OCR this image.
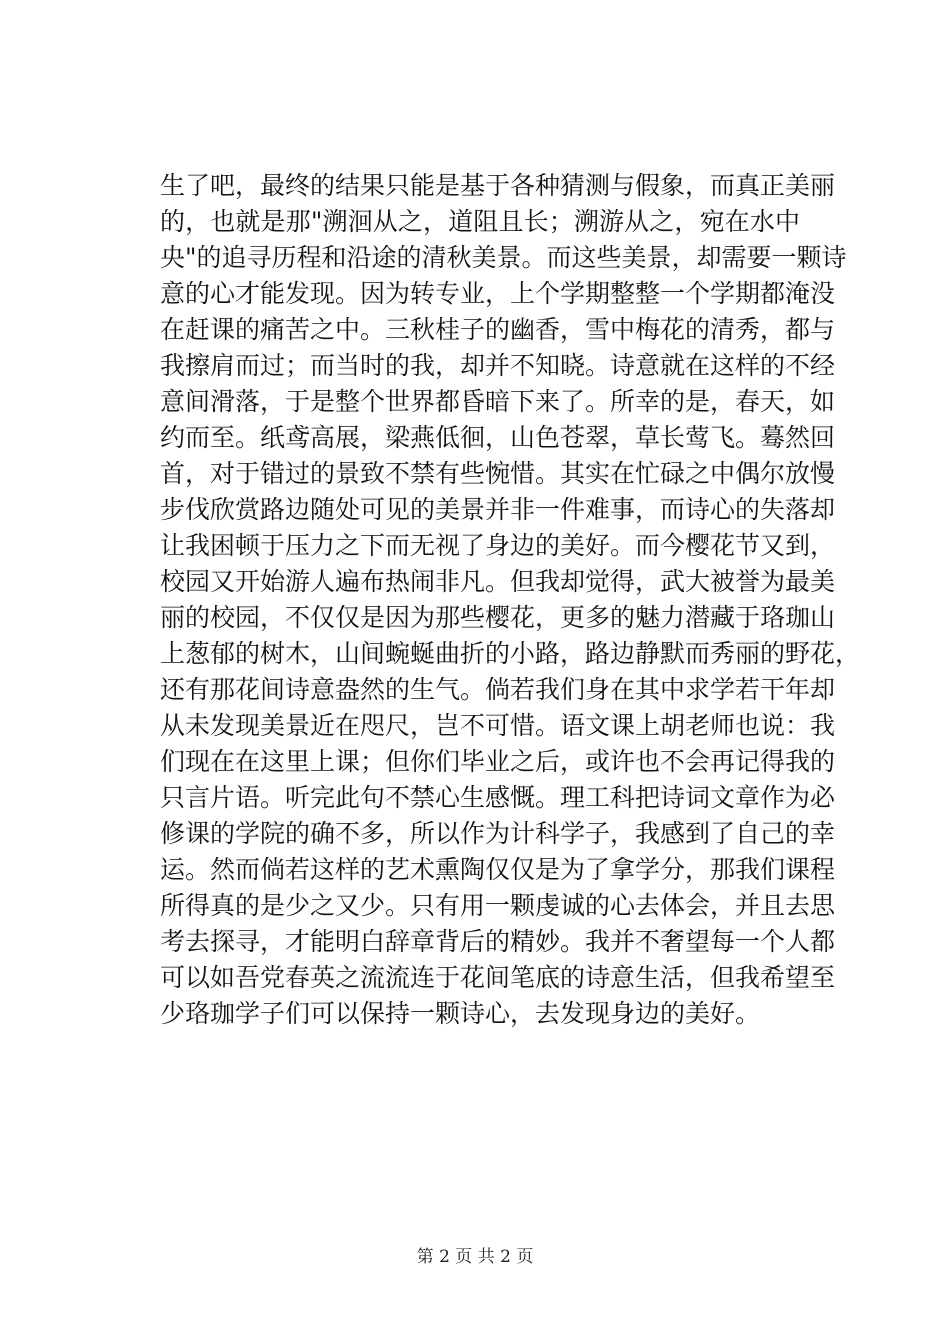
生了吧，最终的结果只能是基于各种猜测与假象，而真正美丽
的，也就是那"溯洄从之，道阻且长；溯游从之，宛在水中
央"的追寻历程和沿途的清秋美景。而这些美景，却需要一颗诗
意的心才能发现。因为转专业，上个学期整整一个学期都淹没
在赶课的痛苦之中。三秋桂子的幽香，雪中梅花的清秀，都与
我擦肩而过；而当时的我，却并不知晓。诗意就在这样的不经
意间滑落，于是整个世界都昏暗下来了。所幸的是，春天，如
约而至。纸鸢高展，梁燕低徊，山色苍翠，草长莺飞。蓦然回
首，对于错过的景致不禁有些惋惜。其实在忙碌之中偶尔放慢
步伐欣赏路边随处可见的美景并非一件难事，而诗心的失落却
让我困顿于压力之下而无视了身边的美好。而今樱花节又到，
校园又开始游人遍布热闹非凡。但我却觉得，武大被誉为最美
丽的校园，不仅仅是因为那些樱花，更多的魅力潜藏于珞珈山
上葱郁的树木，山间蜿蜒曲折的小路，路边静默而秀丽的野花，
还有那花间诗意盎然的生气。倘若我们身在其中求学若干年却
从未发现美景近在咫尺，岂不可惜。语文课上胡老师也说：我
们现在在这里上课；但你们毕业之后，或许也不会再记得我的
只言片语。听完此句不禁心生感慨。理工科把诗词文章作为必
修课的学院的确不多，所以作为计科学子，我感到了自己的幸
运。然而倘若这样的艺术熏陶仅仅是为了拿学分，那我们课程
所得真的是少之又少。只有用一颗虔诚的心去体会，并且去思
考去探寻，才能明白辞章背后的精妙。我并不奢望每一个人都
可以如吾党春英之流流连于花间笔底的诗意生活，但我希望至
少珞珈学子们可以保持一颗诗心，去发现身边的美好。
第 2 页 共 2 页
